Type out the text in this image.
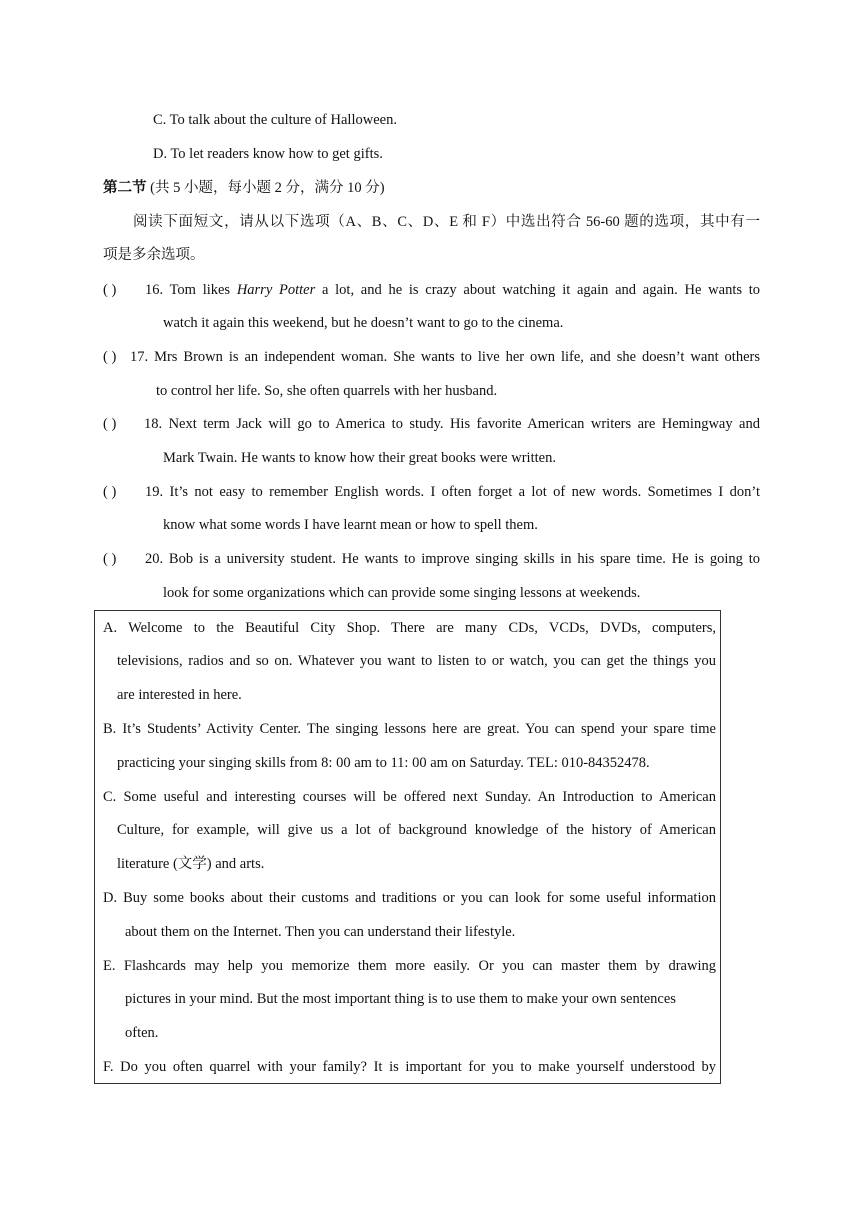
C. To talk about the culture of Halloween.
D. To let readers know how to get gifts.
第二节 (共 5 小题，每小题 2 分，满分 10 分)
阅读下面短文，请从以下选项（A、B、C、D、E 和 F）中选出符合 56-60 题的选项，其中有一
项是多余选项。
( ) 16. Tom likes Harry Potter a lot, and he is crazy about watching it again and again. He wants to
watch it again this weekend, but he doesn’t want to go to the cinema.
( ) 17. Mrs Brown is an independent woman. She wants to live her own life, and she doesn’t want others
to control her life. So, she often quarrels with her husband.
( ) 18. Next term Jack will go to America to study. His favorite American writers are Hemingway and
Mark Twain. He wants to know how their great books were written.
( ) 19. It’s not easy to remember English words. I often forget a lot of new words. Sometimes I don’t
know what some words I have learnt mean or how to spell them.
( ) 20. Bob is a university student. He wants to improve singing skills in his spare time. He is going to
look for some organizations which can provide some singing lessons at weekends.
A. Welcome to the Beautiful City Shop. There are many CDs, VCDs, DVDs, computers,
televisions, radios and so on. Whatever you want to listen to or watch, you can get the things you
are interested in here.
B. It’s Students’ Activity Center. The singing lessons here are great. You can spend your spare time
practicing your singing skills from 8: 00 am to 11: 00 am on Saturday. TEL: 010-84352478.
C. Some useful and interesting courses will be offered next Sunday. An Introduction to American
Culture, for example, will give us a lot of background knowledge of the history of American
literature (文学) and arts.
D. Buy some books about their customs and traditions or you can look for some useful information
about them on the Internet. Then you can understand their lifestyle.
E. Flashcards may help you memorize them more easily. Or you can master them by drawing
pictures in your mind. But the most important thing is to use them to make your own sentences
often.
F. Do you often quarrel with your family? It is important for you to make yourself understood by
